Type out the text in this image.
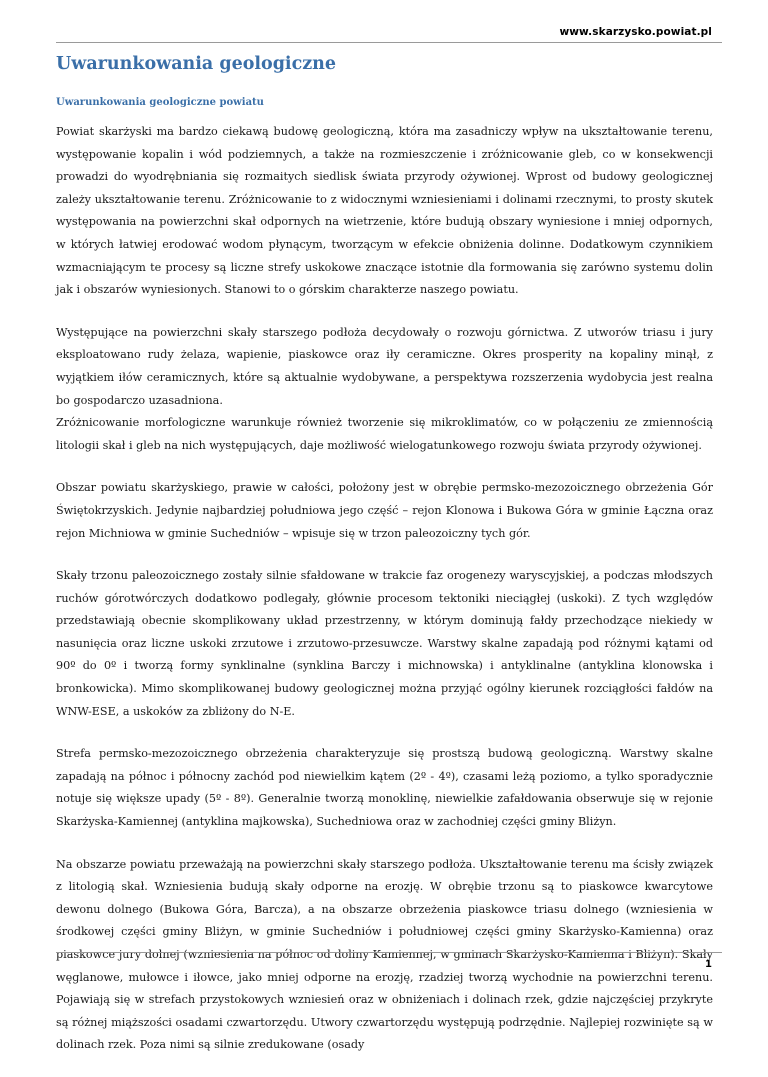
www.skarzysko.powiat.pl
Uwarunkowania geologiczne
Uwarunkowania geologiczne powiatu

Powiat skarżyski ma bardzo ciekawą budowę geologiczną, która ma zasadniczy wpływ na ukształtowanie terenu, występowanie kopalin i wód podziemnych, a także na rozmieszczenie i zróżnicowanie gleb, co w konsekwencji prowadzi do wyodrębniania się rozmaitych siedlisk świata przyrody ożywionej. Wprost od budowy geologicznej zależy ukształtowanie terenu. Zróżnicowanie to z widocznymi wzniesieniami i dolinami rzecznymi, to prosty skutek występowania na powierzchni skał odpornych na wietrzenie, które budują obszary wyniesione i mniej odpornych, w których łatwiej erodować wodom płynącym, tworzącym w efekcie obniżenia dolinne. Dodatkowym czynnikiem wzmacniającym te procesy są liczne strefy uskokowe znaczące istotnie dla formowania się zarówno systemu dolin jak i obszarów wyniesionych. Stanowi to o górskim charakterze naszego powiatu.

Występujące na powierzchni skały starszego podłoża decydowały o rozwoju górnictwa. Z utworów triasu i jury eksploatowano rudy żelaza, wapienie, piaskowce oraz iły ceramiczne. Okres prosperity na kopaliny minął, z wyjątkiem iłów ceramicznych, które są aktualnie wydobywane, a perspektywa rozszerzenia wydobycia jest realna bo gospodarczo uzasadniona.

Zróżnicowanie morfologiczne warunkuje również tworzenie się mikroklimatów, co w połączeniu ze zmiennością litologii skał i gleb na nich występujących, daje możliwość wielogatunkowego rozwoju świata przyrody ożywionej.

Obszar powiatu skarżyskiego, prawie w całości, położony jest w obrębie permsko-mezozoicznego obrzeżenia Gór Świętokrzyskich. Jedynie najbardziej południowa jego część – rejon Klonowa i Bukowa Góra w gminie Łączna oraz rejon Michniowa w gminie Suchedniów – wpisuje się w trzon paleozoiczny tych gór.

Skały trzonu paleozoicznego zostały silnie sfałdowane w trakcie faz orogenezy waryscyjskiej, a podczas młodszych ruchów górotwórczych dodatkowo podlegały, głównie procesom tektoniki nieciągłej (uskoki). Z tych względów przedstawiają obecnie skomplikowany układ przestrzenny, w którym dominują fałdy przechodzące niekiedy w nasunięcia oraz liczne uskoki zrzutowe i zrzutowo-przesuwcze. Warstwy skalne zapadają pod różnymi kątami od 90º do 0º i tworzą formy synklinalne (synklina Barczy i michnowska) i antyklinalne (antyklina klonowska i bronkowicka). Mimo skomplikowanej budowy geologicznej można przyjąć ogólny kierunek rozciągłości fałdów na WNW-ESE, a uskoków za zbliżony do N-E.

Strefa permsko-mezozoicznego obrzeżenia charakteryzuje się prostszą budową geologiczną. Warstwy skalne zapadają na północ i północny zachód pod niewielkim kątem (2º - 4º), czasami leżą poziomo, a tylko sporadycznie notuje się większe upady (5º - 8º). Generalnie tworzą monoklinę, niewielkie zafałdowania obserwuje się w rejonie Skarżyska-Kamiennej (antyklina majkowska), Suchedniowa oraz w zachodniej części gminy Bliżyn.

Na obszarze powiatu przeważają na powierzchni skały starszego podłoża. Ukształtowanie terenu ma ścisły związek z litologią skał. Wzniesienia budują skały odporne na erozję. W obrębie trzonu są to piaskowce kwarcytowe dewonu dolnego (Bukowa Góra, Barcza), a na obszarze obrzeżenia piaskowce triasu dolnego (wzniesienia w środkowej części gminy Bliżyn, w gminie Suchedniów i południowej części gminy Skarżysko-Kamienna) oraz piaskowce jury dolnej (wzniesienia na północ od doliny Kamiennej, w gminach Skarżysko-Kamienna i Bliżyn). Skały węglanowe, mułowce i iłowce, jako mniej odporne na erozję, rzadziej tworzą wychodnie na powierzchni terenu. Pojawiają się w strefach przystokowych wzniesień oraz w obniżeniach i dolinach rzek, gdzie najczęściej przykryte są różnej miąższości osadami czwartorzędu. Utwory czwartorzędu występują podrzędnie. Najlepiej rozwinięte są w dolinach rzek. Poza nimi są silnie zredukowane (osady

1
